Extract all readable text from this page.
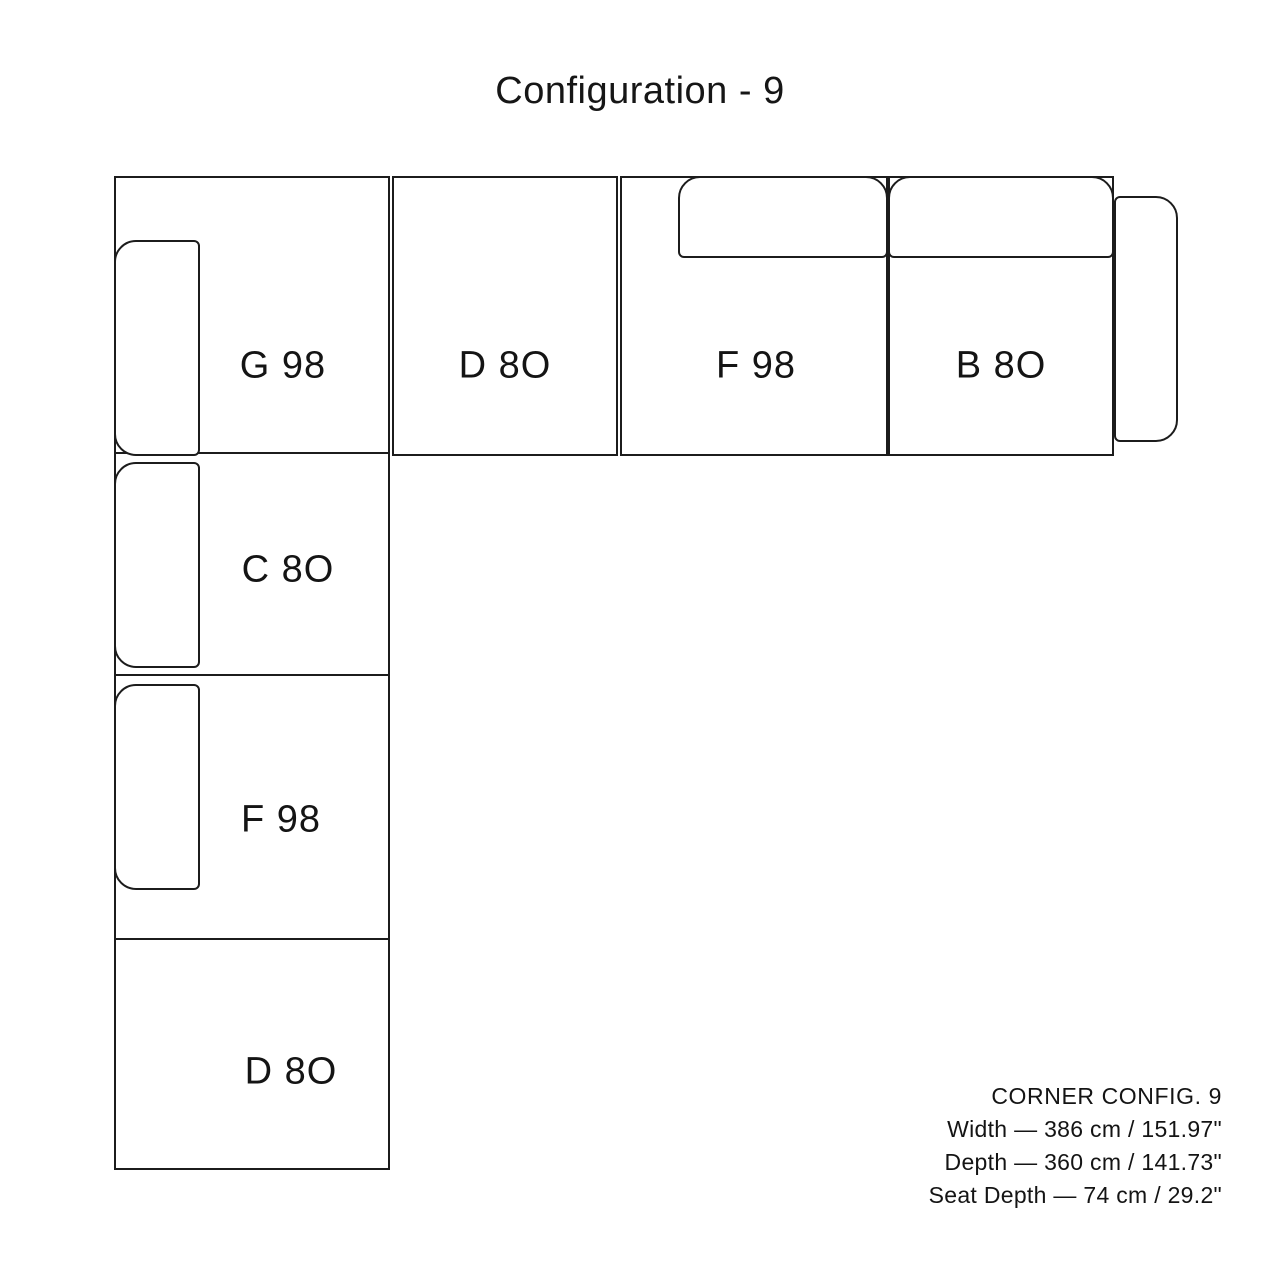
Configuration - 9
G 98	D 8O	F 98	B 8O
C 8O
F 98
D 8O
CORNER CONFIG. 9
Width — 386 cm / 151.97"
Depth — 360 cm / 141.73"
Seat Depth — 74 cm / 29.2"
